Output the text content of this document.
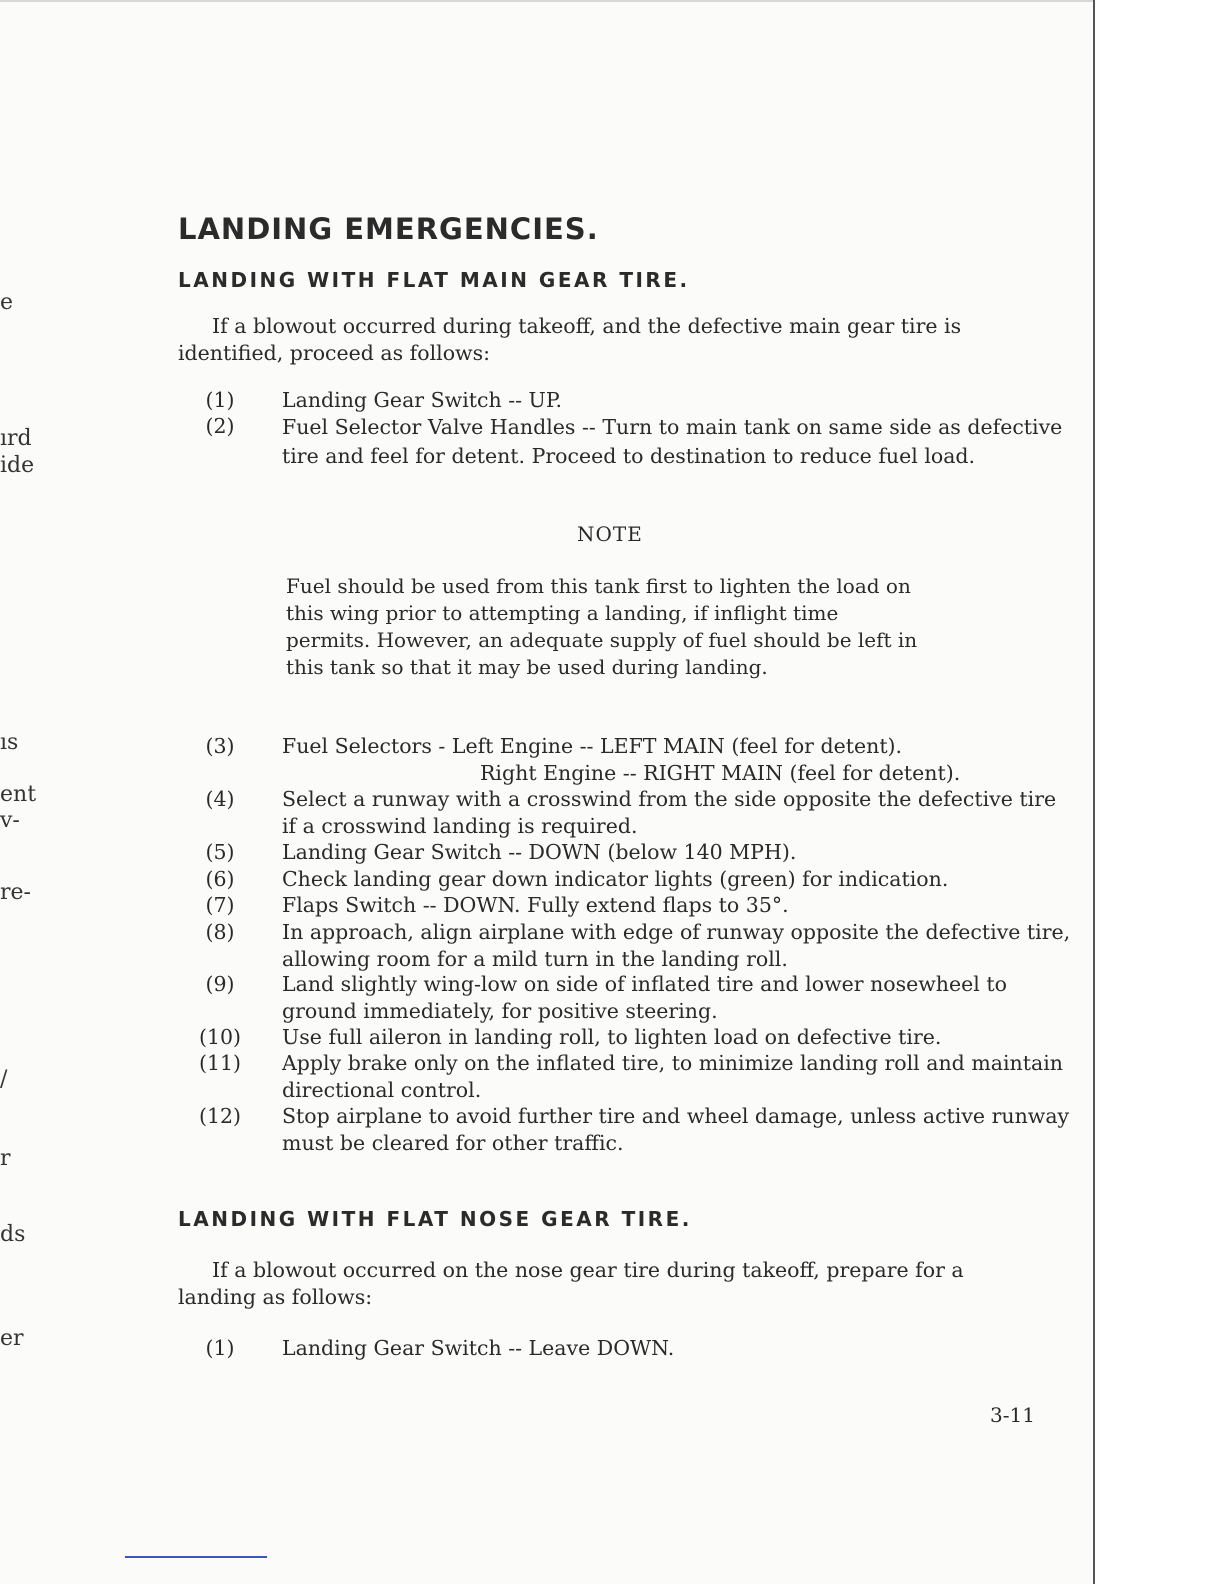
e
ırd
ide
ıs
ent
v-
re-
/
r
ds
er
LANDING EMERGENCIES.
LANDING WITH FLAT MAIN GEAR TIRE.

If a blowout occurred during takeoff, and the defective main gear tire is identified, proceed as follows:

(1)	Landing Gear Switch -- UP.
(2)	Fuel Selector Valve Handles -- Turn to main tank on same side as defective tire and feel for detent. Proceed to destination to reduce fuel load.
NOTE

Fuel should be used from this tank first to lighten the load on this wing prior to attempting a landing, if inflight time permits. However, an adequate supply of fuel should be left in this tank so that it may be used during landing.

(3)	Fuel Selectors - Left Engine -- LEFT MAIN (feel for detent).
Right Engine -- RIGHT MAIN (feel for detent).
(4)	Select a runway with a crosswind from the side opposite the defective tire if a crosswind landing is required.
(5)	Landing Gear Switch -- DOWN (below 140 MPH).
(6)	Check landing gear down indicator lights (green) for indication.
(7)	Flaps Switch -- DOWN. Fully extend flaps to 35°.
(8)	In approach, align airplane with edge of runway opposite the defective tire, allowing room for a mild turn in the landing roll.
(9)	Land slightly wing-low on side of inflated tire and lower nosewheel to ground immediately, for positive steering.
(10) Use full aileron in landing roll, to lighten load on defective tire.
(11) Apply brake only on the inflated tire, to minimize landing roll and maintain directional control.
(12) Stop airplane to avoid further tire and wheel damage, unless active runway must be cleared for other traffic.
LANDING WITH FLAT NOSE GEAR TIRE.

If a blowout occurred on the nose gear tire during takeoff, prepare for a landing as follows:

(1)	Landing Gear Switch -- Leave DOWN.
3-11
